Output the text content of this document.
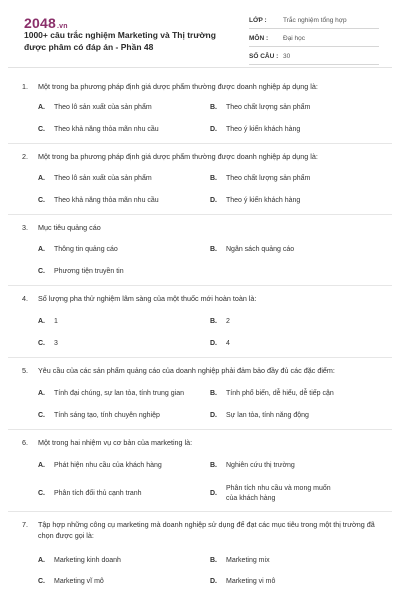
2048.vn
1000+ câu trắc nghiệm Marketing và Thị trường được phâm có đáp án - Phần 48
LỚP :	Trắc nghiệm tổng hợp
MÔN :	Đại học
SỐ CÂU : 30
1. Một trong ba phương pháp định giá dược phẩm thường được doanh nghiệp áp dụng là:
A. Theo lô sản xuất của sản phẩm	B. Theo chất lượng sản phẩm
C. Theo khả năng thỏa mãn nhu cầu	D. Theo ý kiến khách hàng
2. Một trong ba phương pháp định giá dược phẩm thường được doanh nghiệp áp dụng là:
A. Theo lô sản xuất của sản phẩm	B. Theo chất lượng sản phẩm
C. Theo khả năng thỏa mãn nhu cầu	D. Theo ý kiến khách hàng
3. Mục tiêu quảng cáo
A. Thông tin quảng cáo	B. Ngân sách quảng cáo
C. Phương tiện truyền tin
4. Số lượng pha thử nghiệm lâm sàng của một thuốc mới hoàn toàn là:
A. 1	B. 2
C. 3	D. 4
5. Yêu cầu của các sản phẩm quảng cáo của doanh nghiệp phải đảm bảo đầy đủ các đặc điểm:
A. Tính đại chúng, sự lan tỏa, tính trung gian	B. Tính phổ biến, dễ hiểu, dễ tiếp cận
C. Tính sáng tạo, tính chuyên nghiệp	D. Sự lan tỏa, tính năng động
6. Một trong hai nhiệm vụ cơ bản của marketing là:
A. Phát hiện nhu cầu của khách hàng	B. Nghiên cứu thị trường
C. Phân tích đối thủ cạnh tranh	D.
Phân tích nhu cầu và mong muốn của khách hàng
7. Tập hợp những công cụ marketing mà doanh nghiệp sử dụng để đạt các mục tiêu trong một thị trường đã chọn được gọi là:
A. Marketing kinh doanh	B. Marketing mix
C. Marketing vĩ mô	D. Marketing vi mô
